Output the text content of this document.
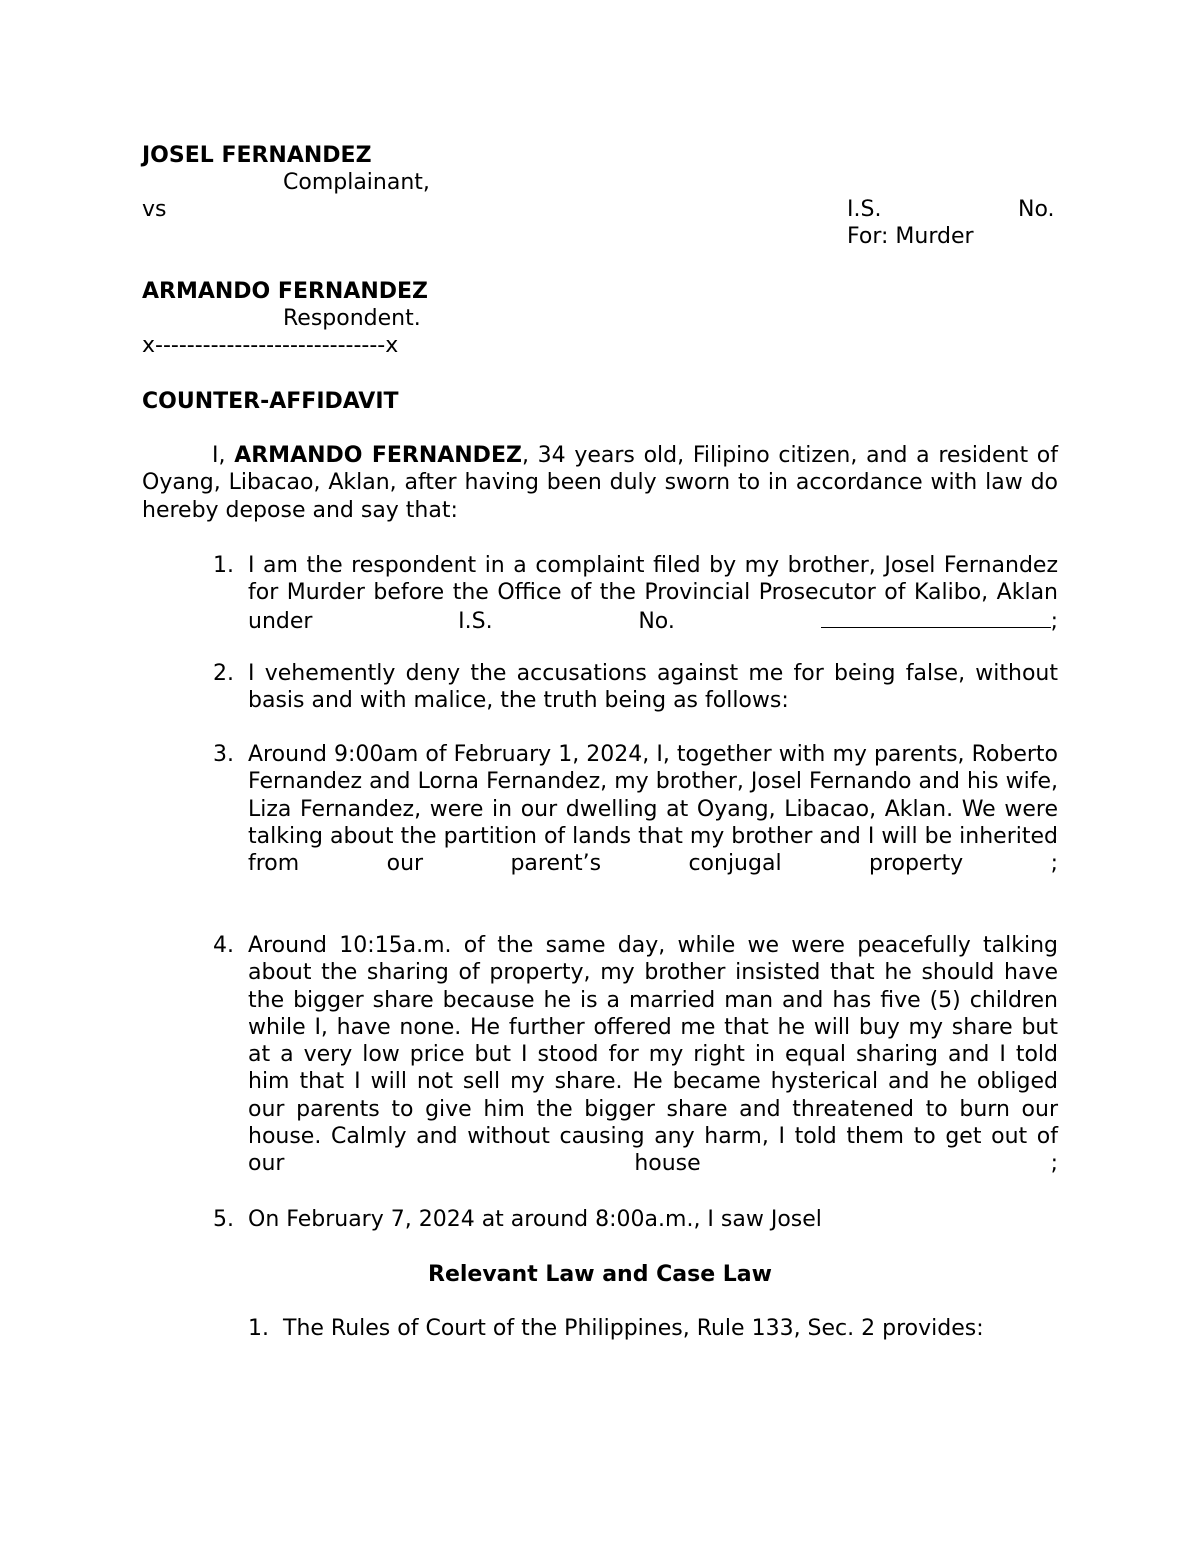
JOSEL FERNANDEZ
Complainant,
vs	I.S.	No.
For: Murder
ARMANDO FERNANDEZ
Respondent.
x-----------------------------x
COUNTER-AFFIDAVIT
I, ARMANDO FERNANDEZ, 34 years old, Filipino citizen, and a resident of Oyang, Libacao, Aklan, after having been duly sworn to in accordance with law do hereby depose and say that:
1. I am the respondent in a complaint filed by my brother, Josel Fernandez for Murder before the Office of the Provincial Prosecutor of Kalibo, Aklan under I.S. No.	;
2. I vehemently deny the accusations against me for being false, without basis and with malice, the truth being as follows:
3. Around 9:00am of February 1, 2024, I, together with my parents, Roberto Fernandez and Lorna Fernandez, my brother, Josel Fernando and his wife, Liza Fernandez, were in our dwelling at Oyang, Libacao, Aklan. We were talking about the partition of lands that my brother and I will be inherited from our parent’s conjugal property	;
4. Around 10:15a.m. of the same day, while we were peacefully talking about the sharing of property, my brother insisted that he should have the bigger share because he is a married man and has five (5) children while I, have none. He further offered me that he will buy my share but at a very low price but I stood for my right in equal sharing and I told him that I will not sell my share. He became hysterical and he obliged our parents to give him the bigger share and threatened to burn our house. Calmly and without causing any harm, I told them to get out of our house	;
5. On February 7, 2024 at around 8:00a.m., I saw Josel
Relevant Law and Case Law
1. The Rules of Court of the Philippines, Rule 133, Sec. 2 provides:
